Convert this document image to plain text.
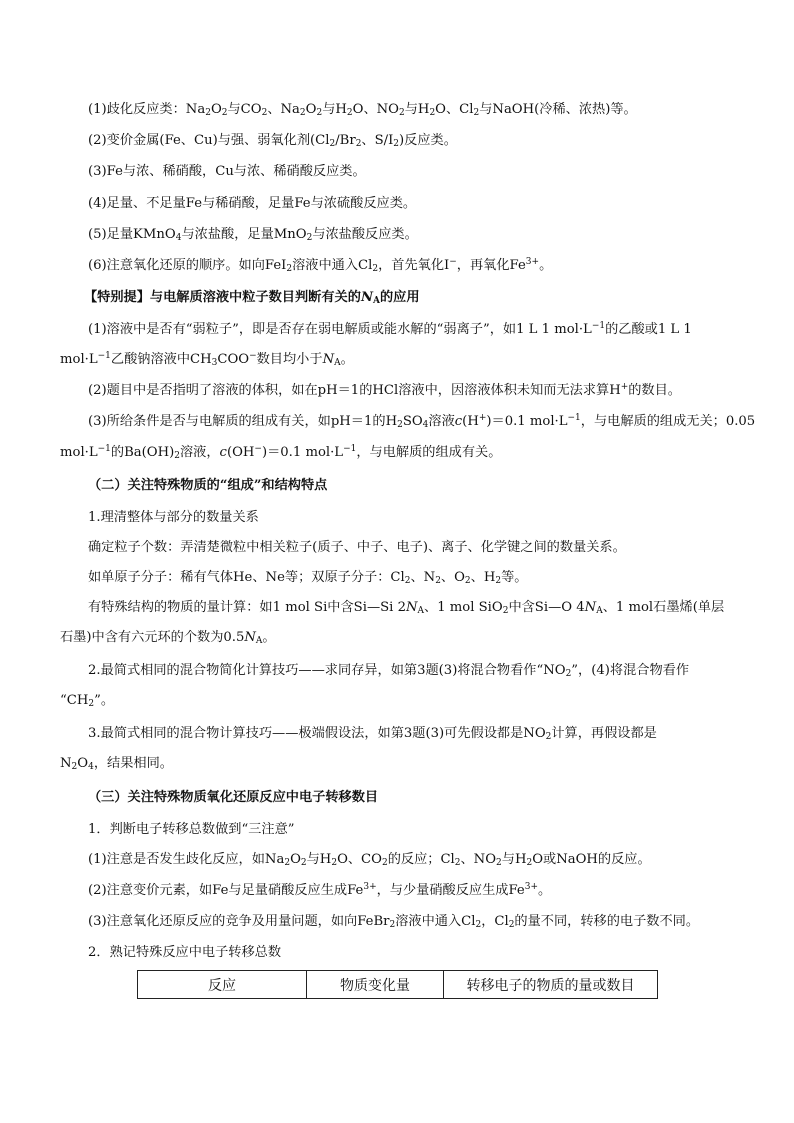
(1)歧化反应类：$Na_2O_2$与$CO_2$、$Na_2O_2$与$H_2O$、$NO_2$与$H_2O$、$Cl_2$与NaOH(冷稀、浓热)等。
(2)变价金属(Fe、Cu)与强、弱氧化剂($Cl_2/Br_2$、$S/I_2$)反应类。
(3)Fe与浓、稀硝酸，Cu与浓、稀硝酸反应类。
(4)足量、不足量Fe与稀硝酸，足量Fe与浓硫酸反应类。
(5)足量KMnO$_4$与浓盐酸，足量MnO$_2$与浓盐酸反应类。
(6)注意氧化还原的顺序。如向FeI$_2$溶液中通入$Cl_2$，首先氧化I−，再氧化$Fe^{3+}$。
【特别提】与电解质溶液中粒子数目判断有关的$N_A$的应用
(1)溶液中是否有“弱粒子”，即是否存在弱电解质或能水解的“弱离子”，如1 L 1 $mol\cdot L^{-1}$的乙酸或1 L 1
$mol\cdot L^{-1}$乙酸钠溶液中$CH_3COO^-$数目均小于$N_A$。
(2)题目中是否指明了溶液的体积，如在pH＝1的HCl溶液中，因溶液体积未知而无法求算H+的数目。
(3)所给条件是否与电解质的组成有关，如pH＝1的$H_2SO_4$溶液c(H+)＝0.1 $mol\cdot L^{-1}$，与电解质的组成无关；0.05
$mol\cdot L^{-1}$的$Ba(OH)_2$溶液，c(OH−)＝0.1 $mol\cdot L^{-1}$，与电解质的组成有关。
（二）关注特殊物质的“组成”和结构特点
1.理清整体与部分的数量关系
确定粒子个数：弄清楚微粒中相关粒子(质子、中子、电子)、离子、化学键之间的数量关系。
如单原子分子：稀有气体He、Ne等；双原子分子：$Cl_2$、$N_2$、$O_2$、$H_2$等。
有特殊结构的物质的量计算：如1 mol Si中含Si—Si $2N_A$、1 mol SiO$_2$中含Si—O $4N_A$、1 mol石墨烯(单层
石墨)中含有六元环的个数为$0.5N_A$。
2.最简式相同的混合物简化计算技巧——求同存异，如第3题(3)将混合物看作“$NO_2$”，(4)将混合物看作
“$CH_2$”。
3.最简式相同的混合物计算技巧——极端假设法，如第3题(3)可先假设都是$NO_2$计算，再假设都是
$N_2O_4$，结果相同。
（三）关注特殊物质氧化还原反应中电子转移数目
1．判断电子转移总数做到“三注意”
(1)注意是否发生歧化反应，如$Na_2O_2$与$H_2O$、$CO_2$的反应；$Cl_2$、$NO_2$与$H_2O$或NaOH的反应。
(2)注意变价元素，如Fe与足量硝酸反应生成$Fe^{3+}$，与少量硝酸反应生成$Fe^{3+}$。
(3)注意氧化还原反应的竞争及用量问题，如向FeBr$_2$溶液中通入$Cl_2$，$Cl_2$的量不同，转移的电子数不同。
2．熟记特殊反应中电子转移总数
反应	物质变化量	转移电子的物质的量或数目
